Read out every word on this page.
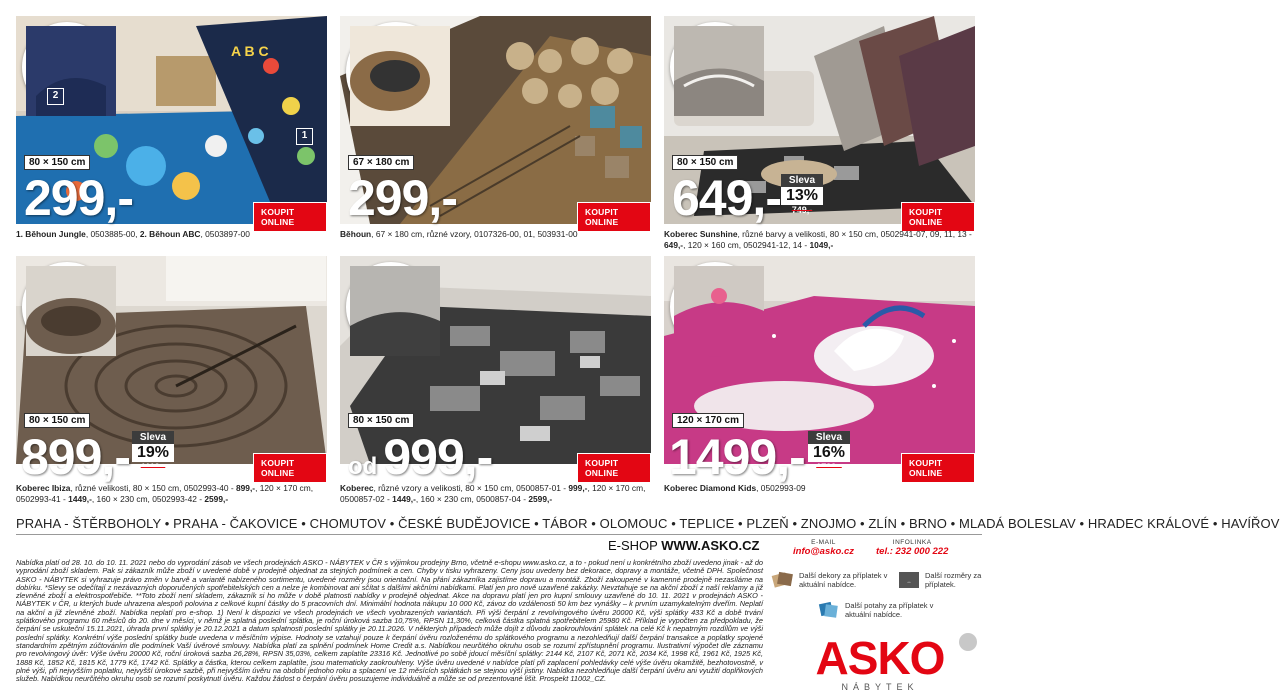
A B C
2
1
80 × 150 cm
299,-	KOUPIT ONLINE
1. Běhoun Jungle, 0503885-00, 2. Běhoun ABC, 0503897-00
67 × 180 cm
299,-	KOUPIT ONLINE
Běhoun, 67 × 180 cm, různé vzory, 0107326-00, 01, 503931-00
80 × 150 cm
649,- Sleva
13%
749,-	KOUPIT ONLINE
Koberec Sunshine, různé barvy a velikosti, 80 × 150 cm, 0502941-07, 09, 11, 13 - 649,-, 120 × 160 cm, 0502941-12, 14 - 1049,-
80 × 150 cm
899,- Sleva
19%
1119,-	KOUPIT ONLINE
Koberec Ibiza, různé velikosti, 80 × 150 cm, 0502993-40 - 899,-, 120 × 170 cm, 0502993-41 - 1449,-, 160 × 230 cm, 0502993-42 - 2599,-
80 × 150 cm
od 999,-	KOUPIT ONLINE
Koberec, různé vzory a velikosti, 80 × 150 cm, 0500857-01 - 999,-, 120 × 170 cm, 0500857-02 - 1449,-, 160 × 230 cm, 0500857-04 - 2599,-
120 × 170 cm
1499,-	Sleva
16%
1799,-	KOUPIT ONLINE
Koberec Diamond Kids, 0502993-09
PRAHA - ŠTĚRBOHOLY • PRAHA - ČAKOVICE • CHOMUTOV • ČESKÉ BUDĚJOVICE • TÁBOR • OLOMOUC • TEPLICE • PLZEŇ • ZNOJMO • ZLÍN • BRNO • MLADÁ BOLESLAV • HRADEC KRÁLOVÉ • HAVÍŘOV
E-SHOP WWW.ASKO.CZ	E-MAIL
info@asko.cz
INFOLINKA
tel.: 232 000 222
Nabídka platí od 28. 10. do 10. 11. 2021 nebo do vyprodání zásob ve všech prodejnách ASKO - NÁBYTEK v ČR s výjimkou prodejny Brno, včetně e-shopu www.asko.cz, a to - pokud není u konkrétního zboží uvedeno jinak - až do vyprodání zboží skladem. Pak si zákazník může zboží v uvedené době v prodejně objednat za stejných podmínek a cen. Chyby v tisku vyhrazeny. Ceny jsou uvedeny bez dekorace, dopravy a montáže, včetně DPH. Společnost ASKO - NÁBYTEK si vyhrazuje právo změn v barvě a variantě nabízeného sortimentu, uvedené rozměry jsou orientační. Na přání zákazníka zajistíme dopravu a montáž. Zboží zakoupené v kamenné prodejně nezasíláme na dobírku. *Slevy se odečítají z nezávazných doporučených spotřebitelských cen a nelze je kombinovat ani sčítat s dalšími akčními nabídkami. Platí jen pro nově uzavřené zakázky. Nevztahuje se na akční zboží z naší reklamy a již zlevněné zboží a elektrospotřebiče. **Toto zboží není skladem, zákazník si ho může v době platnosti nabídky v prodejně objednat. Akce na dopravu platí jen pro kupní smlouvy uzavřené do 10. 11. 2021 v prodejnách ASKO - NÁBYTEK v ČR, u kterých bude uhrazena alespoň polovina z celkové kupní částky do 5 pracovních dní. Minimální hodnota nákupu 10 000 Kč, závoz do vzdálenosti 50 km bez vynášky – k prvním uzamykatelným dveřím. Neplatí na akční a již zlevněné zboží. Nabídka neplatí pro e-shop. 1) Není k dispozici ve všech prodejnách ve všech vyobrazených variantách. Při výši čerpání z revolvingového úvěru 20000 Kč, výši splátky 433 Kč a době trvání splátkového programu 60 měsíců do 20. dne v měsíci, v němž je splatná poslední splátka, je roční úroková sazba 10,75%, RPSN 11,30%, celková částka splatná spotřebitelem 25980 Kč. Příklad je vypočten za předpokladu, že čerpání se uskuteční 15.11.2021, úhrada první splátky je 20.12.2021 a datum splatnosti poslední splátky je 20.11.2026. V některých případech může dojít z důvodu zaokrouhlování splátek na celé Kč k nepatrným rozdílům ve výši poslední splátky. Konkrétní výše poslední splátky bude uvedena v měsíčním výpise. Hodnoty se vztahují pouze k čerpání úvěru rozloženému do splátkového programu a nezohledňují další čerpání transakce a poplatky spojené standardním zpětným zúčtováním dle podmínek Vaší úvěrové smlouvy. Nabídka platí za splnění podmínek Home Credit a.s. Nabídkou neurčitého okruhu osob se rozumí zpřístupnění programu. Ilustrativní výpočet dle záznamu pro revolvingový úvěr: Výše úvěru 20000 Kč, roční úroková sazba 26,28%, RPSN 35,03%, celkem zaplatíte 23316 Kč. Jednotlivé po sobě jdoucí měsíční splátky: 2144 Kč, 2107 Kč, 2071 Kč, 2034 Kč, 1998 Kč, 1961 Kč, 1925 Kč, 1888 Kč, 1852 Kč, 1815 Kč, 1779 Kč, 1742 Kč. Splátky a částka, kterou celkem zaplatíte, jsou matematicky zaokrouhleny. Výše úvěru uvedené v nabídce platí při zaplacení pohledávky celé výše úvěru okamžitě, bezhotovostně, v plné výši, při nejvyšším poplatku, nejvyšší úrokové sazbě, při nejvyšším úvěru na období jednoho roku a splacení ve 12 měsících splátkách se stejnou výší jistiny. Nabídka nezohledňuje další čerpání úvěru ani využití doplňkových služeb. Nabídkou neurčitého okruhu osob se rozumí poskytnutí úvěru. Každou žádost o čerpání úvěru posuzujeme individuálně a může se od prezentované lišit. Prospekt 11002_CZ.
Další dekory za příplatek v aktuální nabídce.	↔
Další rozměry za příplatek.
Další potahy za příplatek v aktuální nabídce.
ASKO
NÁBYTEK
